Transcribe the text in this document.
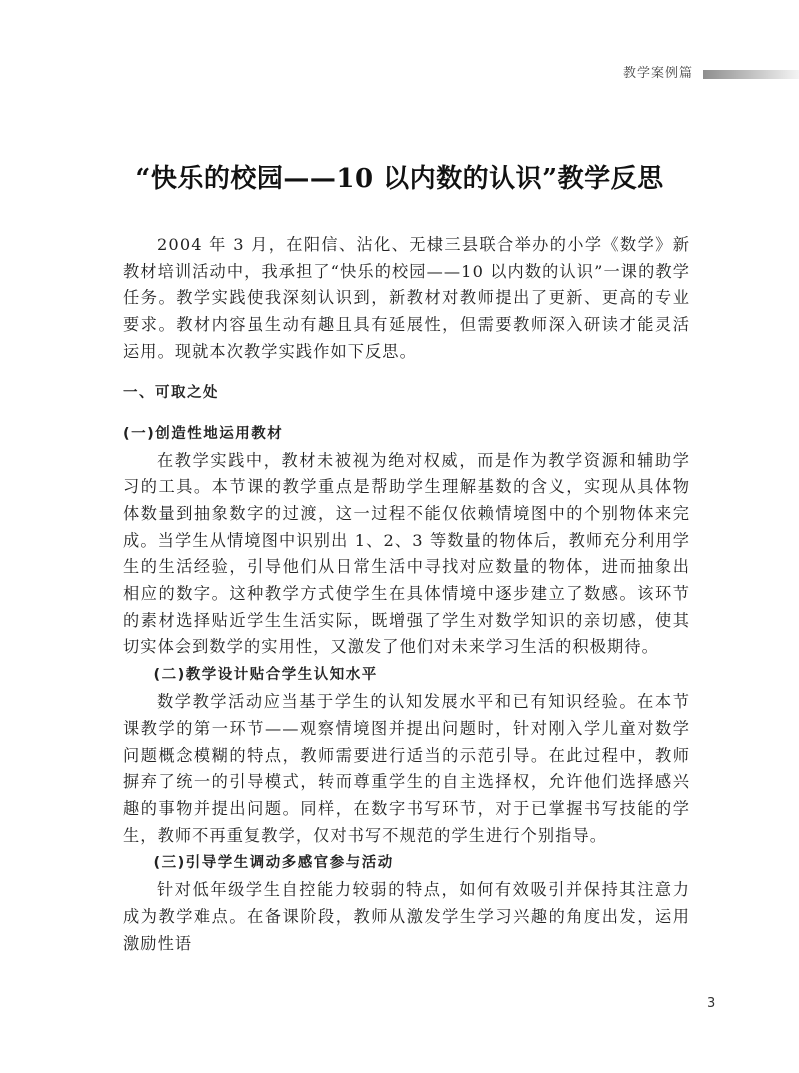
教学案例篇
“快乐的校园——10 以内数的认识”教学反思

2004 年 3 月，在阳信、沾化、无棣三县联合举办的小学《数学》新教材培训活动中，我承担了“快乐的校园——10 以内数的认识”一课的教学任务。教学实践使我深刻认识到，新教材对教师提出了更新、更高的专业要求。教材内容虽生动有趣且具有延展性，但需要教师深入研读才能灵活运用。现就本次教学实践作如下反思。

一、可取之处
(一)创造性地运用教材

在教学实践中，教材未被视为绝对权威，而是作为教学资源和辅助学习的工具。本节课的教学重点是帮助学生理解基数的含义，实现从具体物体数量到抽象数字的过渡，这一过程不能仅依赖情境图中的个别物体来完成。当学生从情境图中识别出 1、2、3 等数量的物体后，教师充分利用学生的生活经验，引导他们从日常生活中寻找对应数量的物体，进而抽象出相应的数字。这种教学方式使学生在具体情境中逐步建立了数感。该环节的素材选择贴近学生生活实际，既增强了学生对数学知识的亲切感，使其切实体会到数学的实用性，又激发了他们对未来学习生活的积极期待。

(二)教学设计贴合学生认知水平

数学教学活动应当基于学生的认知发展水平和已有知识经验。在本节课教学的第一环节——观察情境图并提出问题时，针对刚入学儿童对数学问题概念模糊的特点，教师需要进行适当的示范引导。在此过程中，教师摒弃了统一的引导模式，转而尊重学生的自主选择权，允许他们选择感兴趣的事物并提出问题。同样，在数字书写环节，对于已掌握书写技能的学生，教师不再重复教学，仅对书写不规范的学生进行个别指导。

(三)引导学生调动多感官参与活动

针对低年级学生自控能力较弱的特点，如何有效吸引并保持其注意力成为教学难点。在备课阶段，教师从激发学生学习兴趣的角度出发，运用激励性语

3
